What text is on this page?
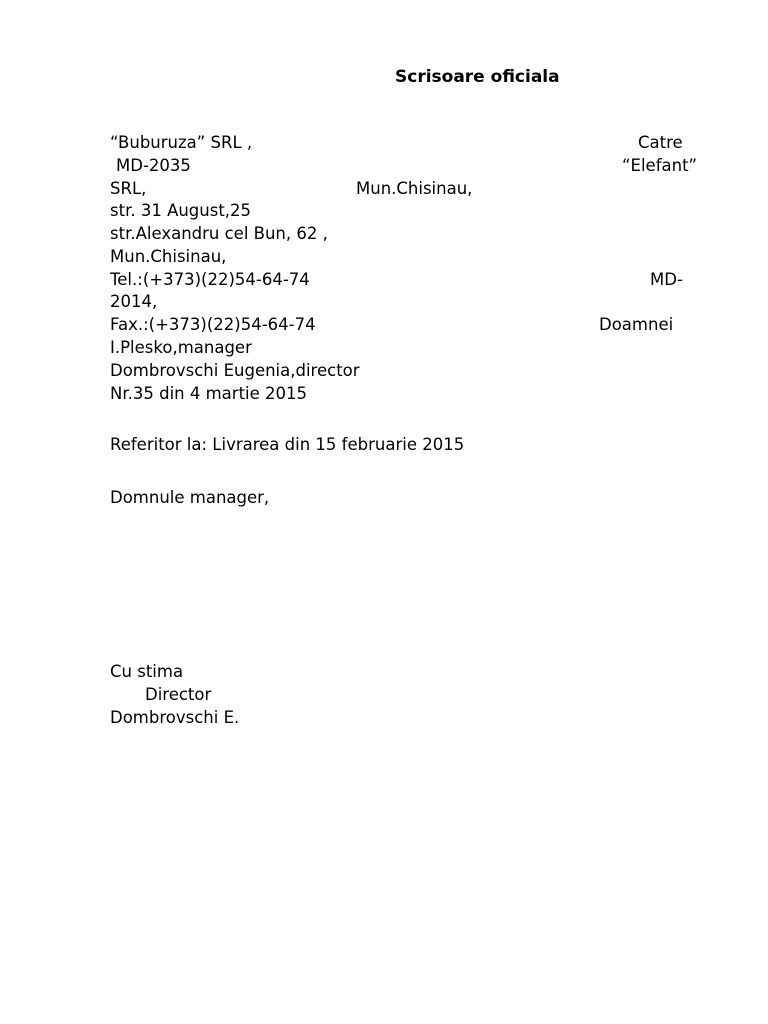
Scrisoare oficiala
“Buburuza” SRL ,	Catre
MD-2035	“Elefant”
SRL,	Mun.Chisinau,
str. 31 August,25
str.Alexandru cel Bun, 62 ,
Mun.Chisinau,
Tel.:(+373)(22)54-64-74	MD-
2014,
Fax.:(+373)(22)54-64-74	Doamnei
I.Plesko,manager
Dombrovschi Eugenia,director
Nr.35 din 4 martie 2015
Referitor la: Livrarea din 15 februarie 2015
Domnule manager,
Cu stima
Director
Dombrovschi E.
